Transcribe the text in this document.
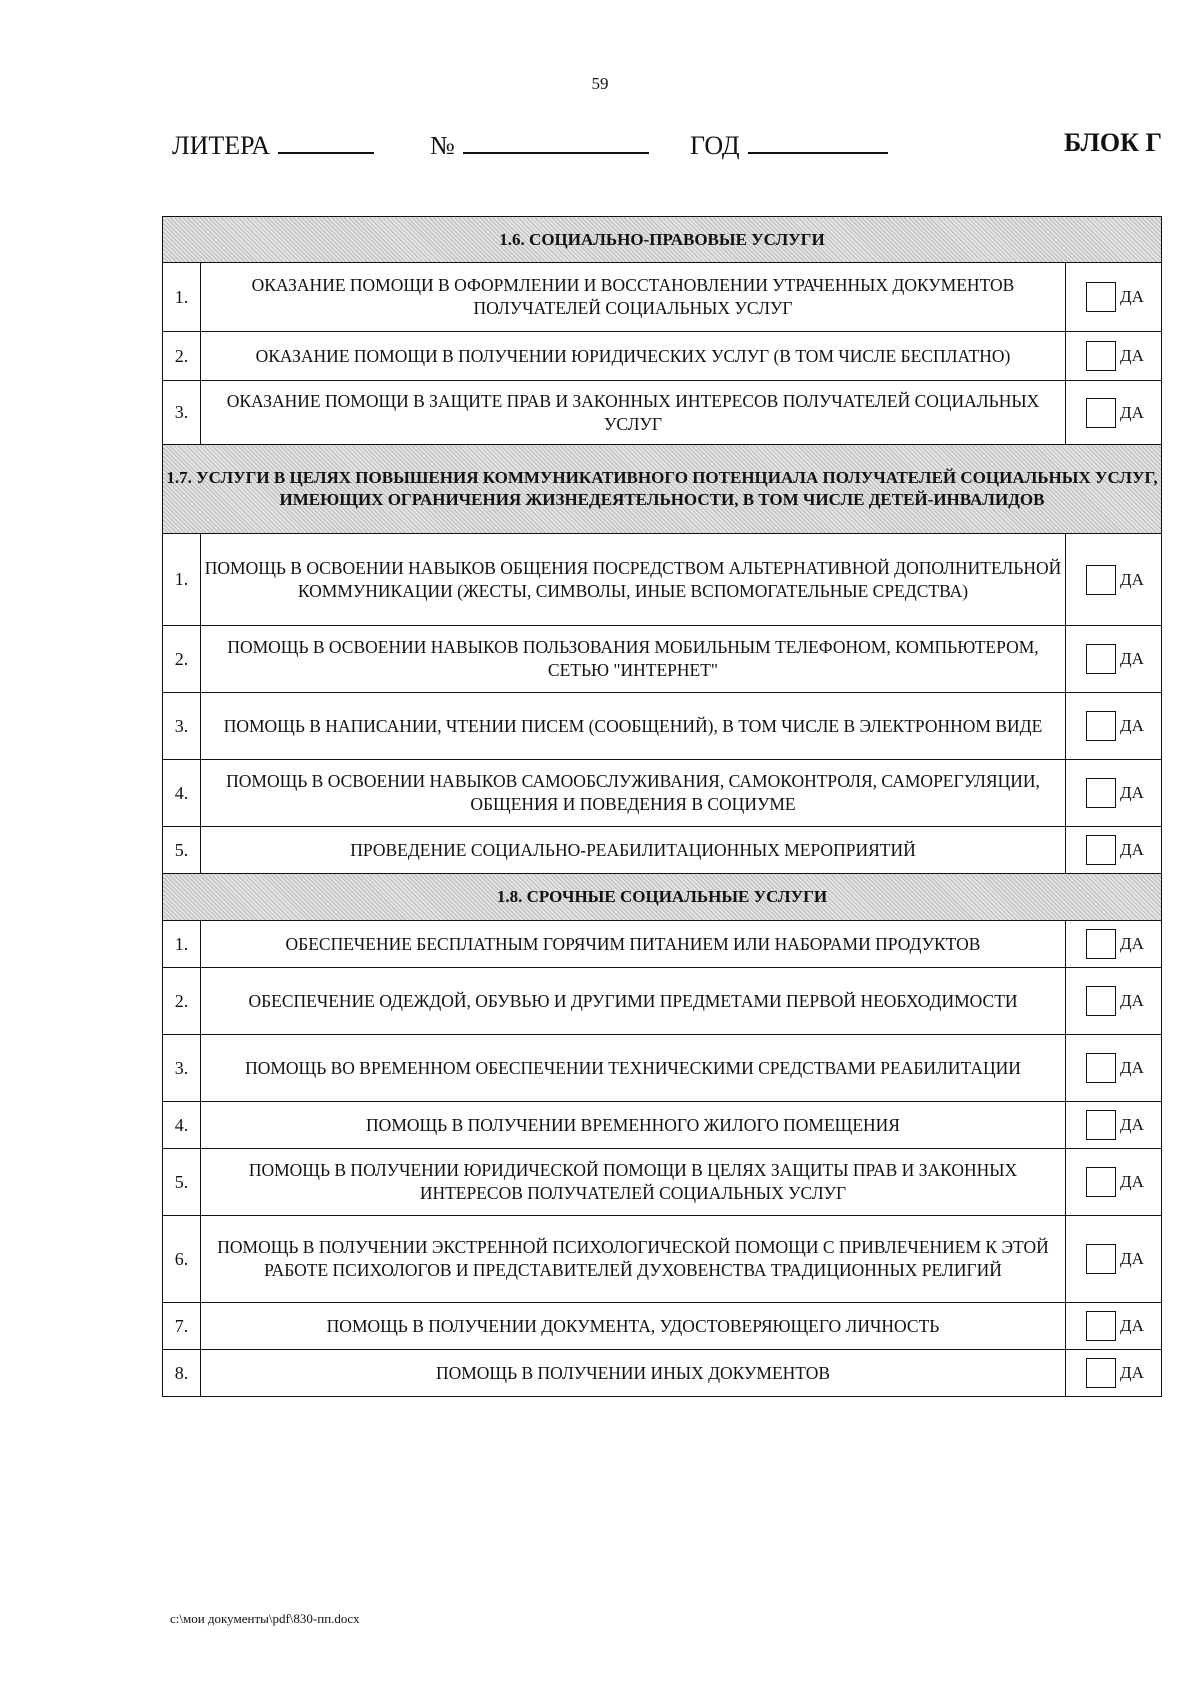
59
ЛИТЕРА	№	ГОД	БЛОК Г
1.6. СОЦИАЛЬНО-ПРАВОВЫЕ УСЛУГИ		
1.	ОКАЗАНИЕ ПОМОЩИ В ОФОРМЛЕНИИ И ВОССТАНОВЛЕНИИ УТРАЧЕННЫХ ДОКУМЕНТОВ ПОЛУЧАТЕЛЕЙ СОЦИАЛЬНЫХ УСЛУГ	ДА

2.	ОКАЗАНИЕ ПОМОЩИ В ПОЛУЧЕНИИ ЮРИДИЧЕСКИХ УСЛУГ (В ТОМ ЧИСЛЕ БЕСПЛАТНО)	ДА

3.	ОКАЗАНИЕ ПОМОЩИ В ЗАЩИТЕ ПРАВ И ЗАКОННЫХ ИНТЕРЕСОВ ПОЛУЧАТЕЛЕЙ СОЦИАЛЬНЫХ УСЛУГ	ДА

1.7. УСЛУГИ В ЦЕЛЯХ ПОВЫШЕНИЯ КОММУНИКАТИВНОГО ПОТЕНЦИАЛА ПОЛУЧАТЕЛЕЙ СОЦИАЛЬНЫХ УСЛУГ, ИМЕЮЩИХ ОГРАНИЧЕНИЯ ЖИЗНЕДЕЯТЕЛЬНОСТИ, В ТОМ ЧИСЛЕ ДЕТЕЙ-ИНВАЛИДОВ		
1.	ПОМОЩЬ В ОСВОЕНИИ НАВЫКОВ ОБЩЕНИЯ ПОСРЕДСТВОМ АЛЬТЕРНАТИВНОЙ ДОПОЛНИТЕЛЬНОЙ КОММУНИКАЦИИ (ЖЕСТЫ, СИМВОЛЫ, ИНЫЕ ВСПОМОГАТЕЛЬНЫЕ СРЕДСТВА)	ДА

2.	ПОМОЩЬ В ОСВОЕНИИ НАВЫКОВ ПОЛЬЗОВАНИЯ МОБИЛЬНЫМ ТЕЛЕФОНОМ, КОМПЬЮТЕРОМ, СЕТЬЮ "ИНТЕРНЕТ"	ДА

3.	ПОМОЩЬ В НАПИСАНИИ, ЧТЕНИИ ПИСЕМ (СООБЩЕНИЙ), В ТОМ ЧИСЛЕ В ЭЛЕКТРОННОМ ВИДЕ	ДА

4.	ПОМОЩЬ В ОСВОЕНИИ НАВЫКОВ САМООБСЛУЖИВАНИЯ, САМОКОНТРОЛЯ, САМОРЕГУЛЯЦИИ, ОБЩЕНИЯ И ПОВЕДЕНИЯ В СОЦИУМЕ	ДА

5.	ПРОВЕДЕНИЕ СОЦИАЛЬНО-РЕАБИЛИТАЦИОННЫХ МЕРОПРИЯТИЙ	ДА

1.8. СРОЧНЫЕ СОЦИАЛЬНЫЕ УСЛУГИ		
1.	ОБЕСПЕЧЕНИЕ БЕСПЛАТНЫМ ГОРЯЧИМ ПИТАНИЕМ ИЛИ НАБОРАМИ ПРОДУКТОВ	ДА

2.	ОБЕСПЕЧЕНИЕ ОДЕЖДОЙ, ОБУВЬЮ И ДРУГИМИ ПРЕДМЕТАМИ ПЕРВОЙ НЕОБХОДИМОСТИ	ДА

3.	ПОМОЩЬ ВО ВРЕМЕННОМ ОБЕСПЕЧЕНИИ ТЕХНИЧЕСКИМИ СРЕДСТВАМИ РЕАБИЛИТАЦИИ	ДА

4.	ПОМОЩЬ В ПОЛУЧЕНИИ ВРЕМЕННОГО ЖИЛОГО ПОМЕЩЕНИЯ	ДА

5.	ПОМОЩЬ В ПОЛУЧЕНИИ ЮРИДИЧЕСКОЙ ПОМОЩИ В ЦЕЛЯХ ЗАЩИТЫ ПРАВ И ЗАКОННЫХ ИНТЕРЕСОВ ПОЛУЧАТЕЛЕЙ СОЦИАЛЬНЫХ УСЛУГ	ДА

6.	ПОМОЩЬ В ПОЛУЧЕНИИ ЭКСТРЕННОЙ ПСИХОЛОГИЧЕСКОЙ ПОМОЩИ С ПРИВЛЕЧЕНИЕМ К ЭТОЙ РАБОТЕ ПСИХОЛОГОВ И ПРЕДСТАВИТЕЛЕЙ ДУХОВЕНСТВА ТРАДИЦИОННЫХ РЕЛИГИЙ	ДА

7.	ПОМОЩЬ В ПОЛУЧЕНИИ ДОКУМЕНТА, УДОСТОВЕРЯЮЩЕГО ЛИЧНОСТЬ	ДА

8.	ПОМОЩЬ В ПОЛУЧЕНИИ ИНЫХ ДОКУМЕНТОВ	ДА
c:\мои документы\pdf\830-пп.docx
